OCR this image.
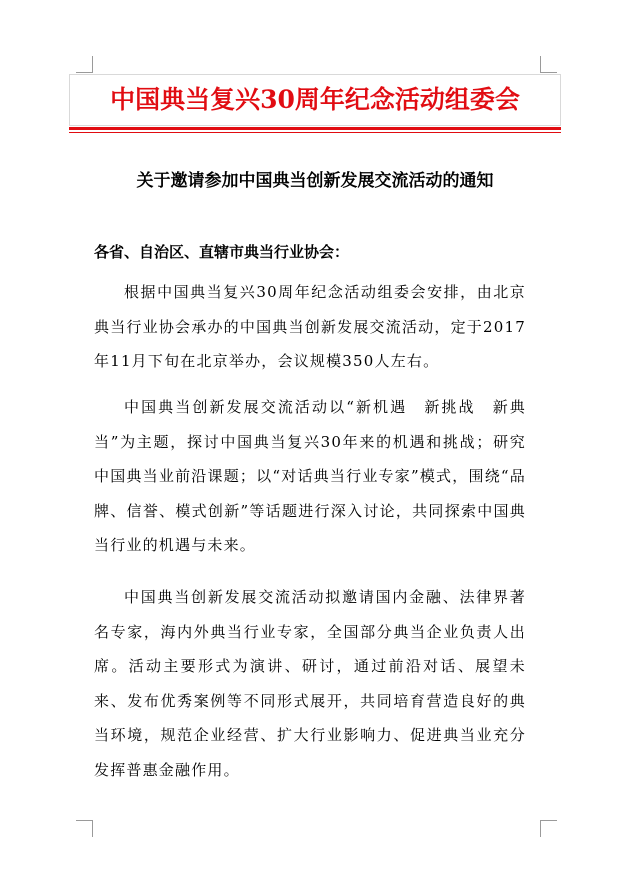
中国典当复兴30周年纪念活动组委会
关于邀请参加中国典当创新发展交流活动的通知
各省、自治区、直辖市典当行业协会：

根据中国典当复兴30周年纪念活动组委会安排，由北京典当行业协会承办的中国典当创新发展交流活动，定于2017年11月下旬在北京举办，会议规模350人左右。

中国典当创新发展交流活动以“新机遇　新挑战　新典当”为主题，探讨中国典当复兴30年来的机遇和挑战；研究中国典当业前沿课题；以“对话典当行业专家”模式，围绕“品牌、信誉、模式创新”等话题进行深入讨论，共同探索中国典当行业的机遇与未来。

中国典当创新发展交流活动拟邀请国内金融、法律界著名专家，海内外典当行业专家，全国部分典当企业负责人出席。活动主要形式为演讲、研讨，通过前沿对话、展望未来、发布优秀案例等不同形式展开，共同培育营造良好的典当环境，规范企业经营、扩大行业影响力、促进典当业充分发挥普惠金融作用。
